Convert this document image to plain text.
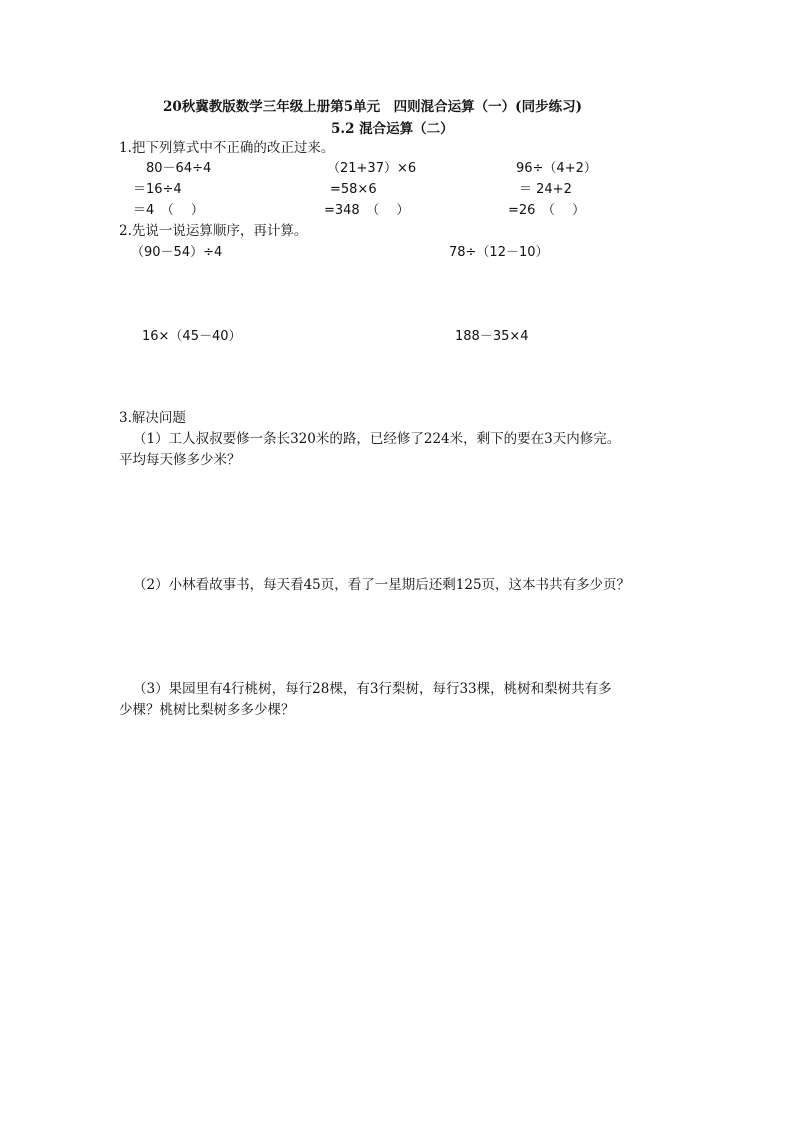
20秋冀教版数学三年级上册第5单元　四则混合运算（一）(同步练习)
5.2 混合运算（二）
1.把下列算式中不正确的改正过来。
80－64÷4
＝16÷4
＝4　（　 ）
（21+37）×6
=58×6
=348　（　 ）
96÷（4+2）
＝ 24+2
=26　（　 ）
2.先说一说运算顺序，再计算。
（90－54）÷4	78÷（12－10）
16×（45－40）	188－35×4
3.解决问题
（1）工人叔叔要修一条长320米的路，已经修了224米，剩下的要在3天内修完。
平均每天修多少米？
（2）小林看故事书，每天看45页，看了一星期后还剩125页，这本书共有多少页？
（3）果园里有4行桃树，每行28棵，有3行梨树，每行33棵，桃树和梨树共有多
少棵？桃树比梨树多多少棵？
